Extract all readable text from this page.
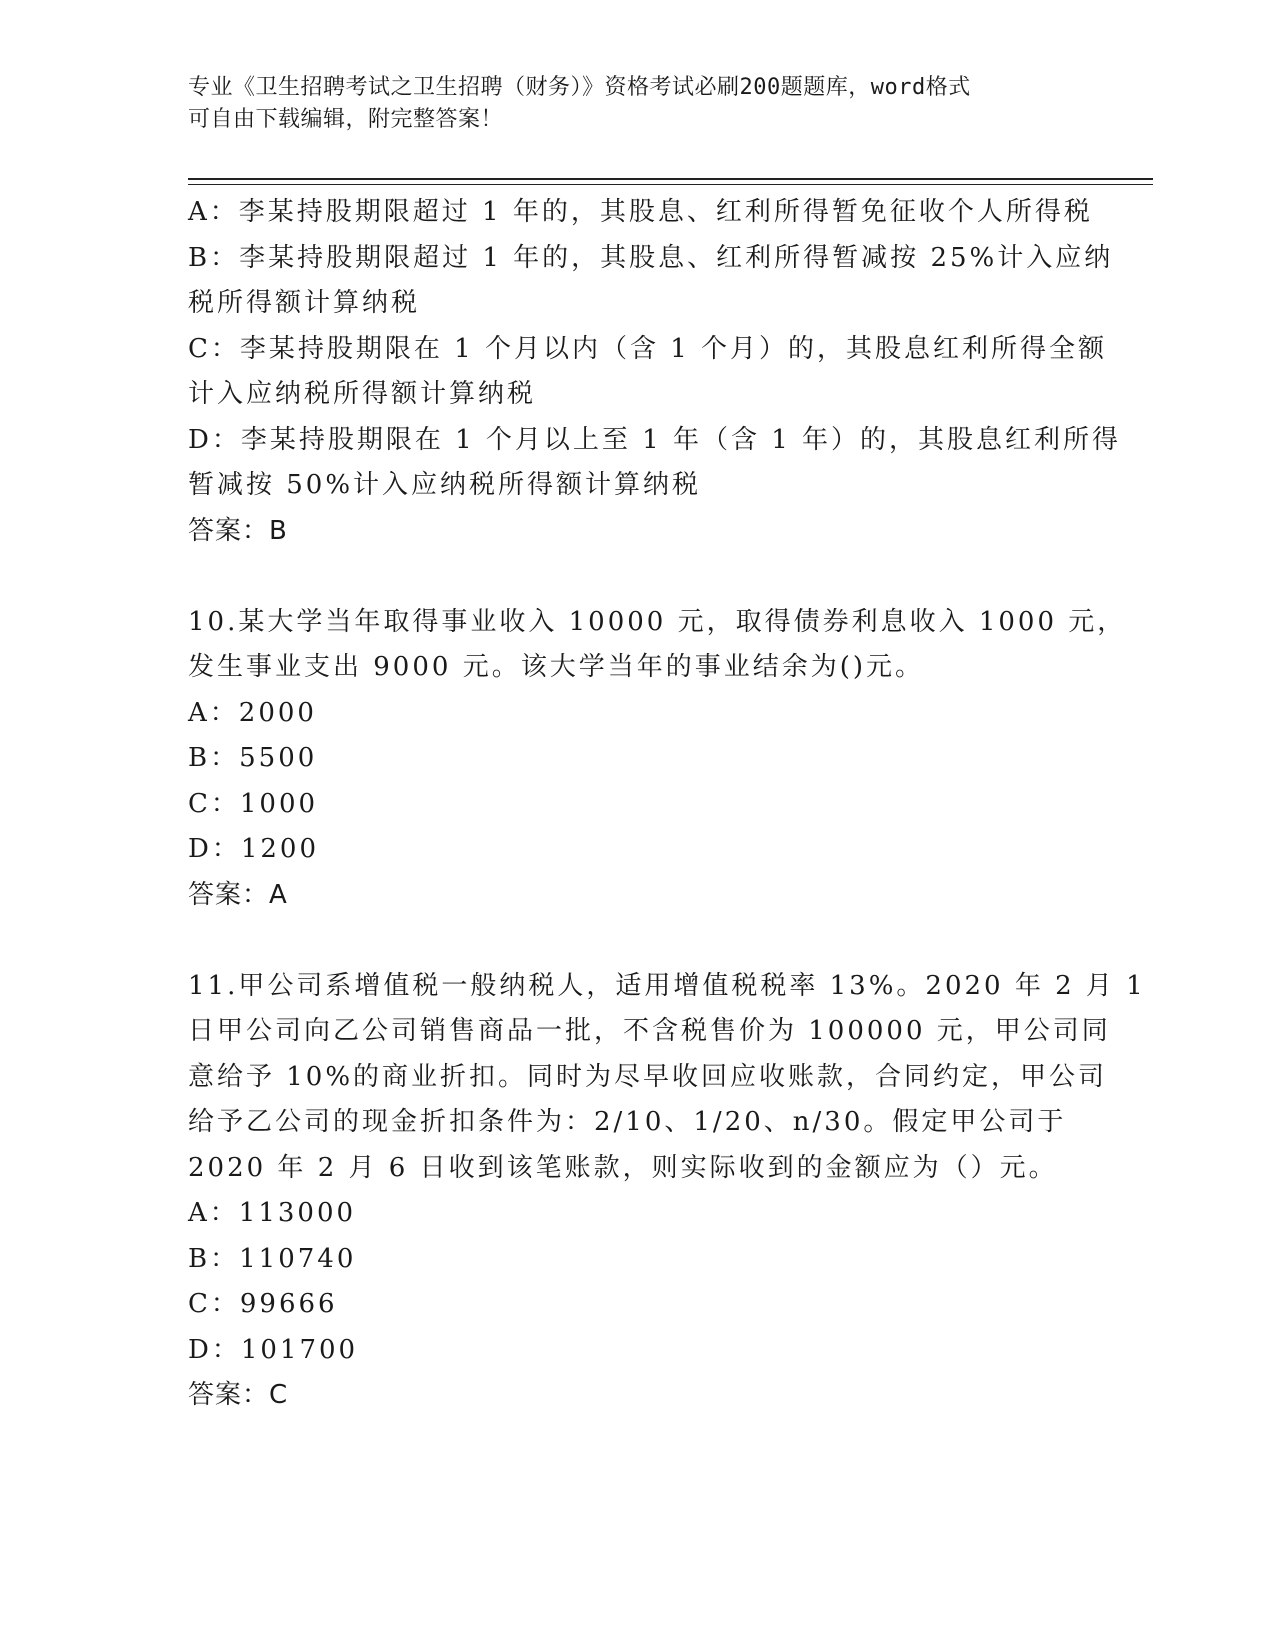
专业《卫生招聘考试之卫生招聘（财务）》资格考试必刷200题题库，word格式
可自由下载编辑，附完整答案！
A：李某持股期限超过 1 年的，其股息、红利所得暂免征收个人所得税
B：李某持股期限超过 1 年的，其股息、红利所得暂减按 25%计入应纳
税所得额计算纳税
C：李某持股期限在 1 个月以内（含 1 个月）的，其股息红利所得全额
计入应纳税所得额计算纳税
D：李某持股期限在 1 个月以上至 1 年（含 1 年）的，其股息红利所得
暂减按 50%计入应纳税所得额计算纳税
答案：B
10.某大学当年取得事业收入 10000 元，取得债券利息收入 1000 元，
发生事业支出 9000 元。该大学当年的事业结余为()元。
A：2000
B：5500
C：1000
D：1200
答案：A
11.甲公司系增值税一般纳税人，适用增值税税率 13%。2020 年 2 月 1
日甲公司向乙公司销售商品一批，不含税售价为 100000 元，甲公司同
意给予 10%的商业折扣。同时为尽早收回应收账款，合同约定，甲公司
给予乙公司的现金折扣条件为：2/10、1/20、n/30。假定甲公司于
2020 年 2 月 6 日收到该笔账款，则实际收到的金额应为（）元。
A：113000
B：110740
C：99666
D：101700
答案：C
